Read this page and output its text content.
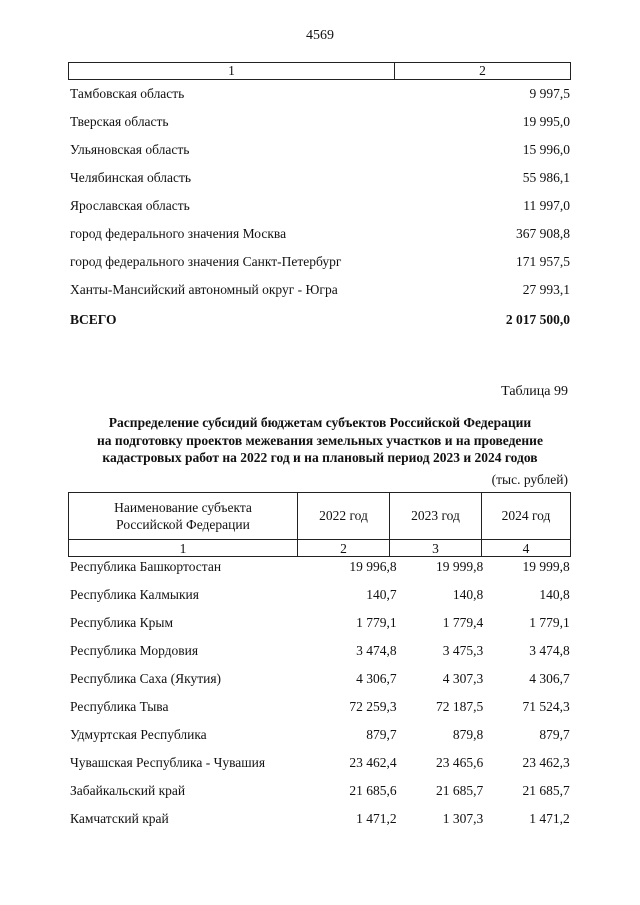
4569
1	2
Тамбовская область	9 997,5
Тверская область	19 995,0
Ульяновская область	15 996,0
Челябинская область	55 986,1
Ярославская область	11 997,0
город федерального значения Москва	367 908,8
город федерального значения Санкт-Петербург	171 957,5
Ханты-Мансийский автономный округ - Югра	27 993,1
ВСЕГО	2 017 500,0
Таблица 99
Распределение субсидий бюджетам субъектов Российской Федерации
на подготовку проектов межевания земельных участков и на проведение
кадастровых работ на 2022 год и на плановый период 2023 и 2024 годов
(тыс. рублей)
Наименование субъекта
Российской Федерации
2022 год	2023 год	2024 год
1	2	3	4
Республика Башкортостан	19 996,8	19 999,8	19 999,8
Республика Калмыкия	140,7	140,8	140,8
Республика Крым	1 779,1	1 779,4	1 779,1
Республика Мордовия	3 474,8	3 475,3	3 474,8
Республика Саха (Якутия)	4 306,7	4 307,3	4 306,7
Республика Тыва	72 259,3	72 187,5	71 524,3
Удмуртская Республика	879,7	879,8	879,7
Чувашская Республика - Чувашия	23 462,4	23 465,6	23 462,3
Забайкальский край	21 685,6	21 685,7	21 685,7
Камчатский край	1 471,2	1 307,3	1 471,2
